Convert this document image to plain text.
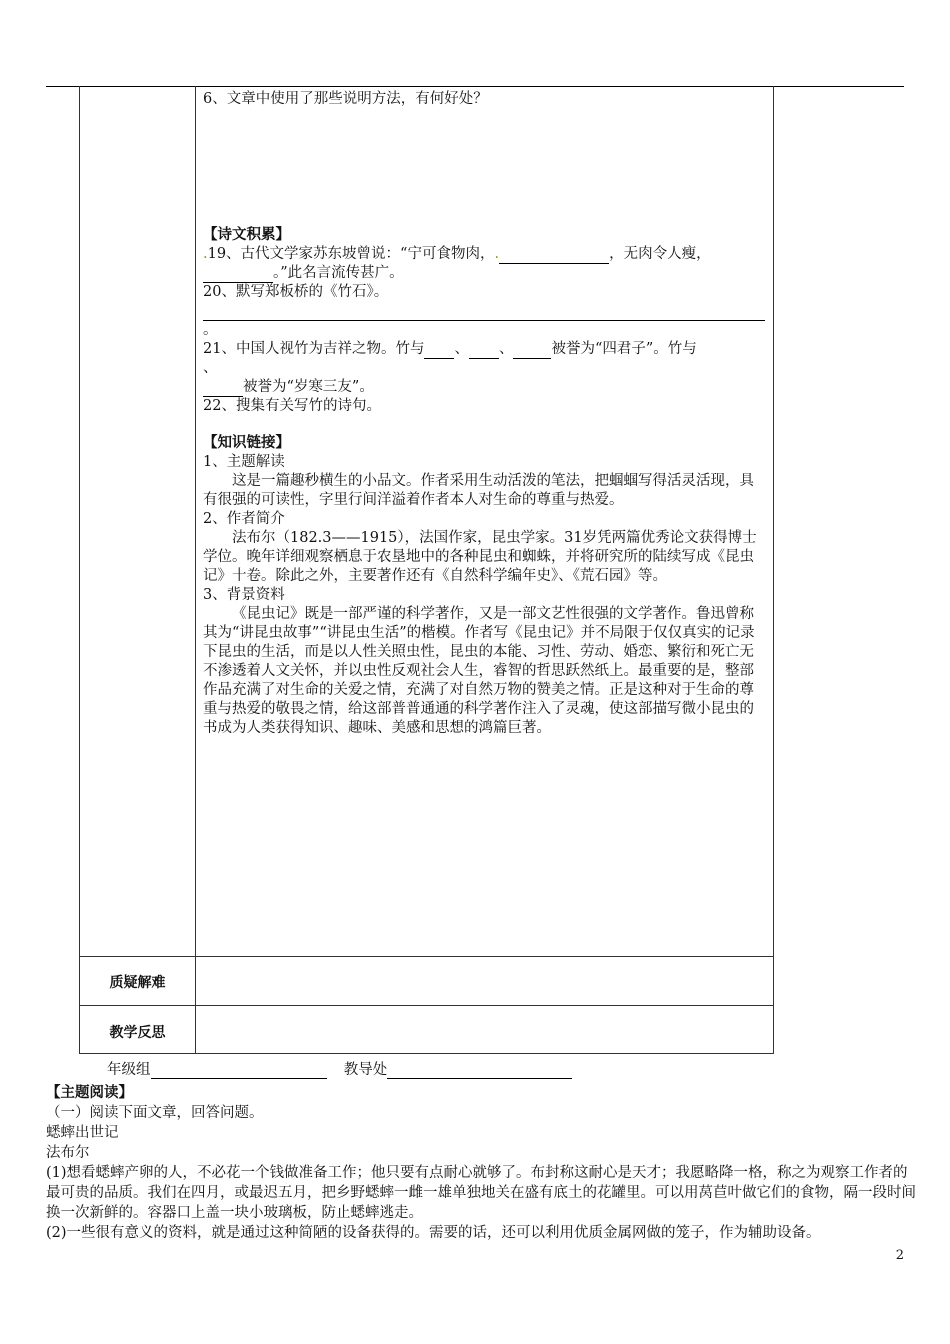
6、文章中使用了那些说明方法，有何好处？

【诗文积累】

.19、古代文学家苏东坡曾说：“宁可食物肉，.	，无肉令人瘦，

。”此名言流传甚广。

20、默写郑板桥的《竹石》。

。

21、中国人视竹为吉祥之物。竹与 、 、	被誉为“四君子”。竹与

、

被誉为“岁寒三友”。

22、搜集有关写竹的诗句。

【知识链接】

1、主题解读

这是一篇趣秒横生的小品文。作者采用生动活泼的笔法，把蝈蝈写得活灵活现，具有很强的可读性，字里行间洋溢着作者本人对生命的尊重与热爱。

2、作者简介

法布尔（182.3——1915），法国作家，昆虫学家。31岁凭两篇优秀论文获得博士学位。晚年详细观察栖息于农垦地中的各种昆虫和蜘蛛，并将研究所的陆续写成《昆虫记》十卷。除此之外，主要著作还有《自然科学编年史》、《荒石园》等。

3、背景资料

《昆虫记》既是一部严谨的科学著作，又是一部文艺性很强的文学著作。鲁迅曾称其为“讲昆虫故事”“讲昆虫生活”的楷模。作者写《昆虫记》并不局限于仅仅真实的记录下昆虫的生活，而是以人性关照虫性，昆虫的本能、习性、劳动、婚恋、繁衍和死亡无不渗透着人文关怀，并以虫性反观社会人生，睿智的哲思跃然纸上。最重要的是，整部作品充满了对生命的关爱之情，充满了对自然万物的赞美之情。正是这种对于生命的尊重与热爱的敬畏之情，给这部普普通通的科学著作注入了灵魂，使这部描写微小昆虫的书成为人类获得知识、趣味、美感和思想的鸿篇巨著。

质疑解难
教学反思
年级组	教导处

【主题阅读】

（一）阅读下面文章，回答问题。

蟋蟀出世记

法布尔

(1)想看蟋蟀产卵的人，不必花一个钱做准备工作；他只要有点耐心就够了。布封称这耐心是天才；我愿略降一格，称之为观察工作者的最可贵的品质。我们在四月，或最迟五月，把乡野蟋蟀一雌一雄单独地关在盛有底土的花罐里。可以用莴苣叶做它们的食物，隔一段时间换一次新鲜的。容器口上盖一块小玻璃板，防止蟋蟀逃走。

(2)一些很有意义的资料，就是通过这种简陋的设备获得的。需要的话，还可以利用优质金属网做的笼子，作为辅助设备。

2
